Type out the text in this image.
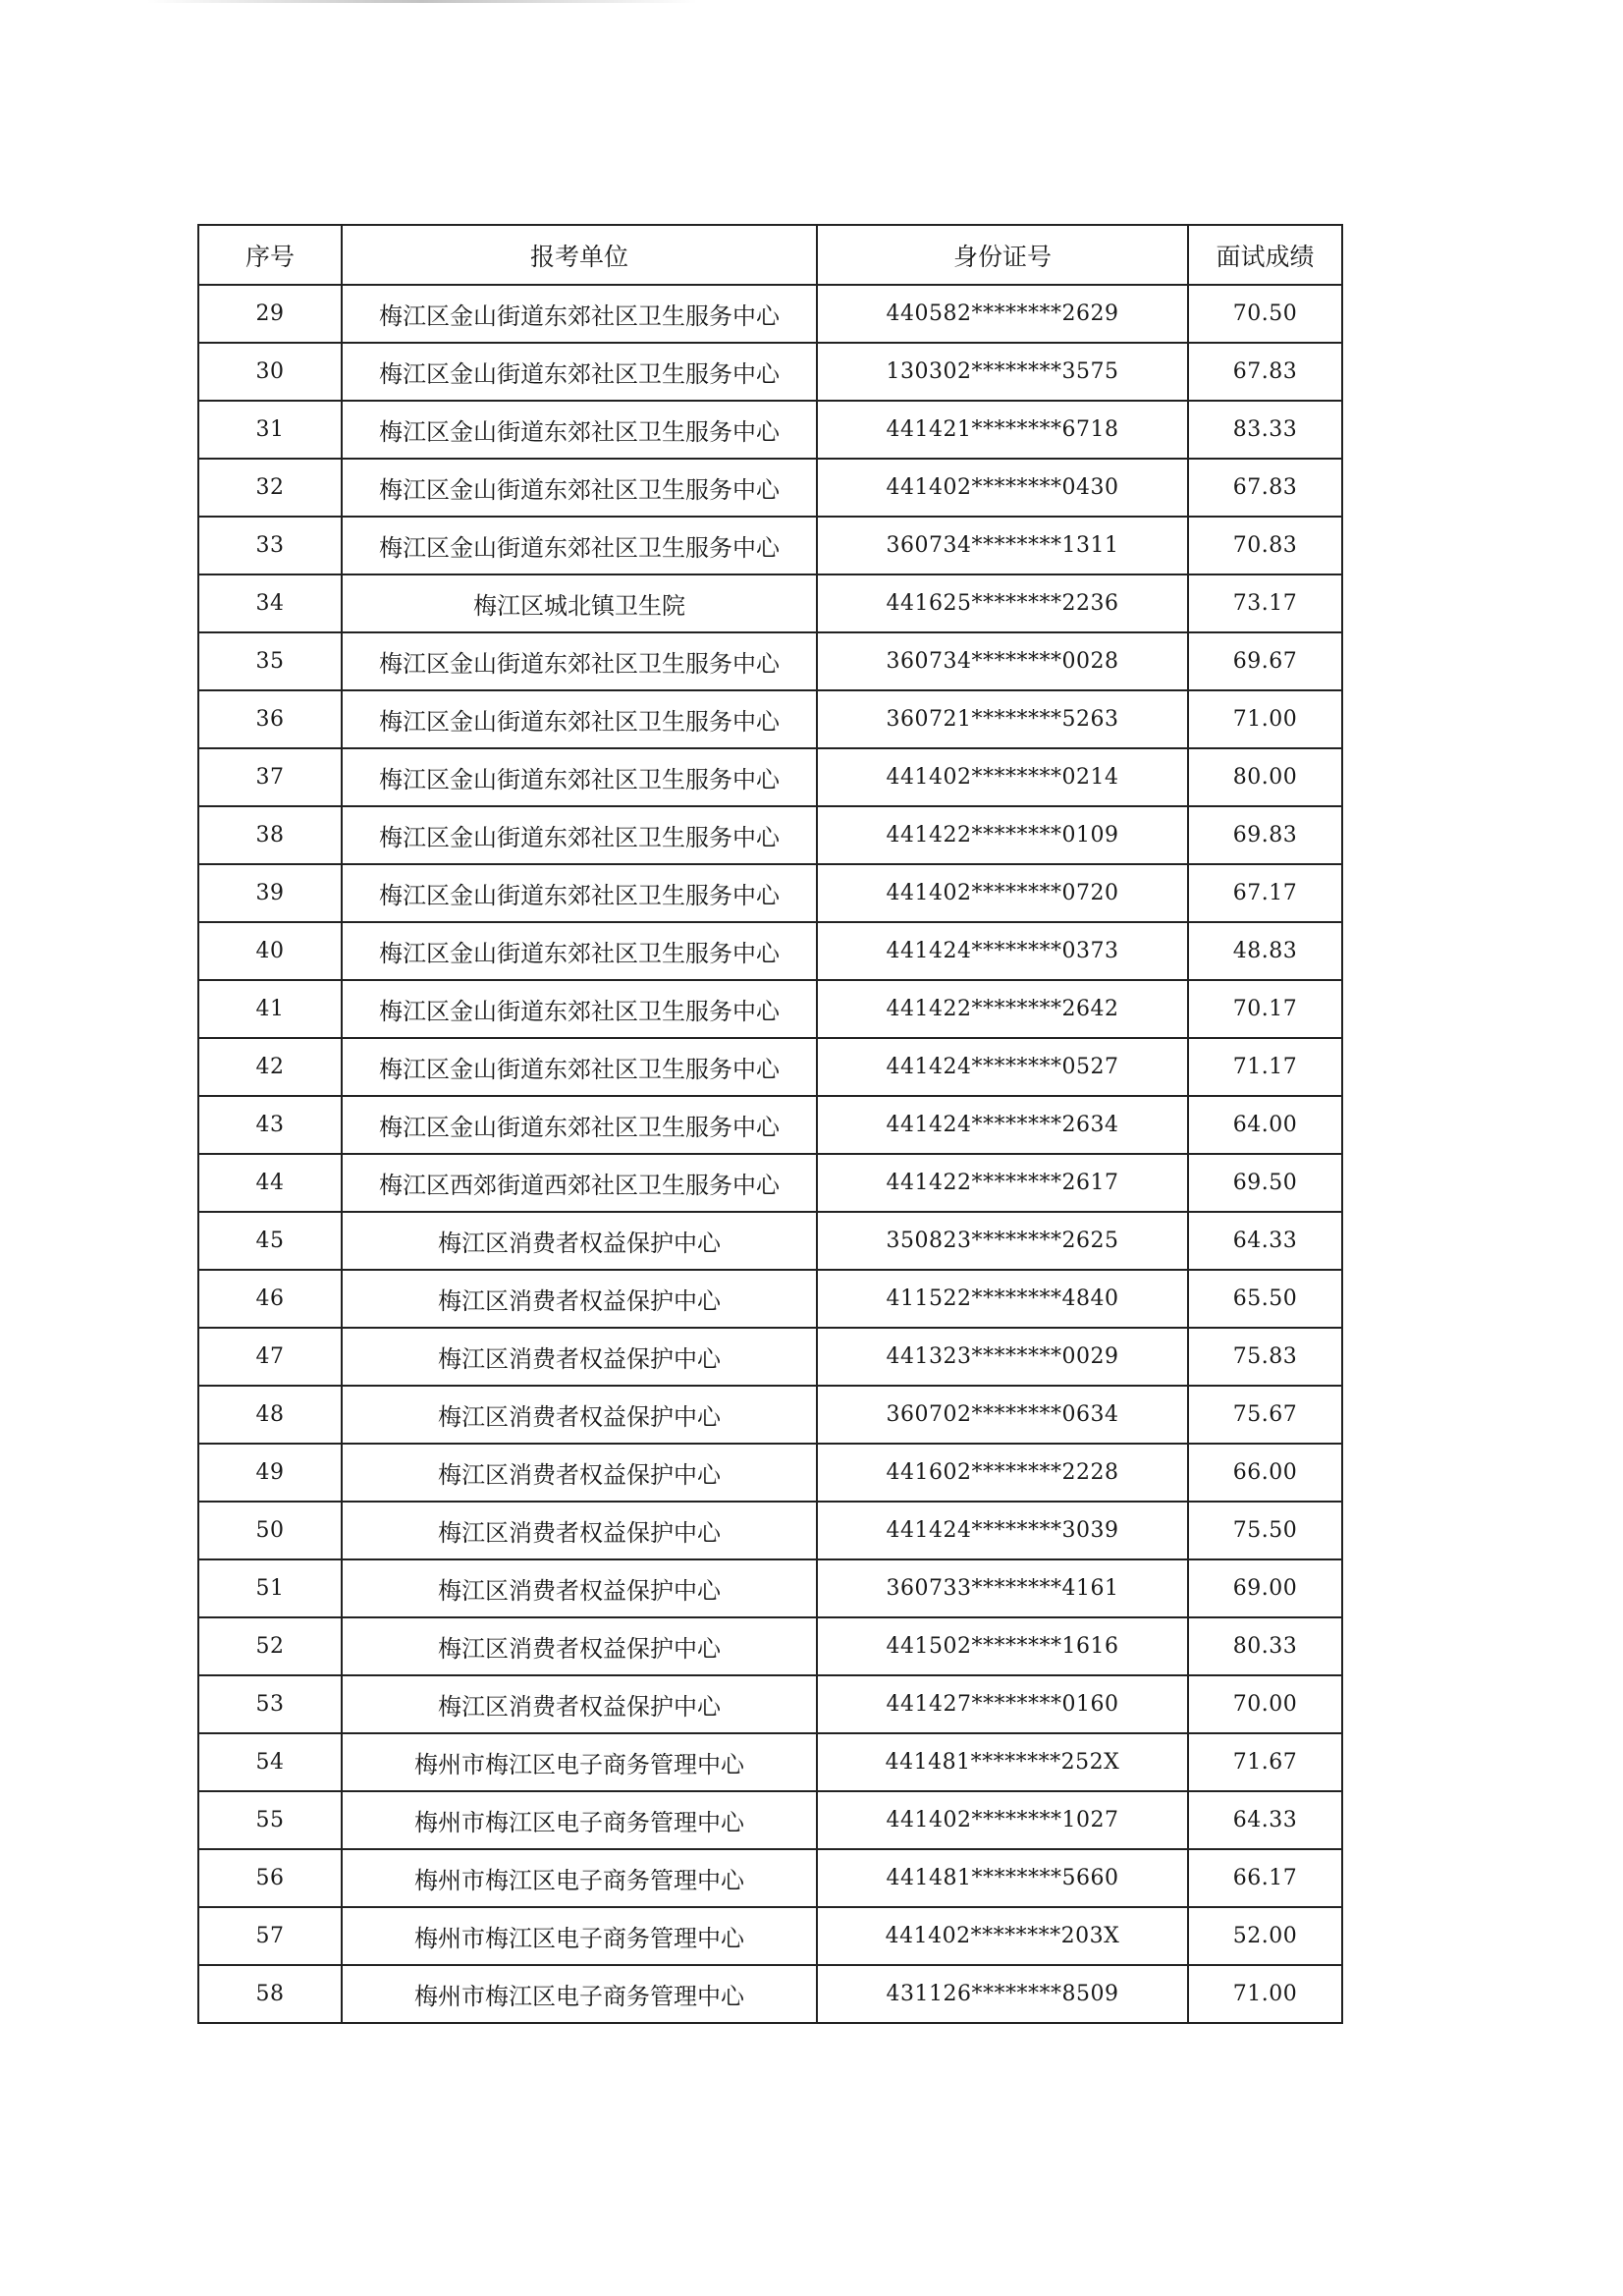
序号	报考单位	身份证号	面试成绩
29	梅江区金山街道东郊社区卫生服务中心	440582********2629	70.50
30	梅江区金山街道东郊社区卫生服务中心	130302********3575	67.83
31	梅江区金山街道东郊社区卫生服务中心	441421********6718	83.33
32	梅江区金山街道东郊社区卫生服务中心	441402********0430	67.83
33	梅江区金山街道东郊社区卫生服务中心	360734********1311	70.83
34	梅江区城北镇卫生院	441625********2236	73.17
35	梅江区金山街道东郊社区卫生服务中心	360734********0028	69.67
36	梅江区金山街道东郊社区卫生服务中心	360721********5263	71.00
37	梅江区金山街道东郊社区卫生服务中心	441402********0214	80.00
38	梅江区金山街道东郊社区卫生服务中心	441422********0109	69.83
39	梅江区金山街道东郊社区卫生服务中心	441402********0720	67.17
40	梅江区金山街道东郊社区卫生服务中心	441424********0373	48.83
41	梅江区金山街道东郊社区卫生服务中心	441422********2642	70.17
42	梅江区金山街道东郊社区卫生服务中心	441424********0527	71.17
43	梅江区金山街道东郊社区卫生服务中心	441424********2634	64.00
44	梅江区西郊街道西郊社区卫生服务中心	441422********2617	69.50
45	梅江区消费者权益保护中心	350823********2625	64.33
46	梅江区消费者权益保护中心	411522********4840	65.50
47	梅江区消费者权益保护中心	441323********0029	75.83
48	梅江区消费者权益保护中心	360702********0634	75.67
49	梅江区消费者权益保护中心	441602********2228	66.00
50	梅江区消费者权益保护中心	441424********3039	75.50
51	梅江区消费者权益保护中心	360733********4161	69.00
52	梅江区消费者权益保护中心	441502********1616	80.33
53	梅江区消费者权益保护中心	441427********0160	70.00
54	梅州市梅江区电子商务管理中心	441481********252X	71.67
55	梅州市梅江区电子商务管理中心	441402********1027	64.33
56	梅州市梅江区电子商务管理中心	441481********5660	66.17
57	梅州市梅江区电子商务管理中心	441402********203X	52.00
58	梅州市梅江区电子商务管理中心	431126********8509	71.00
